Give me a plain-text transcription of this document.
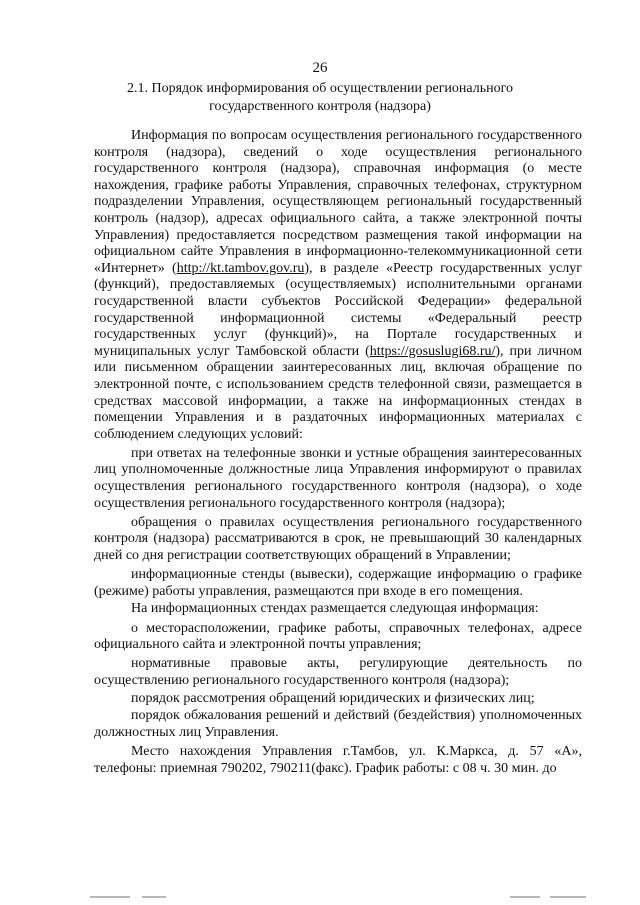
26
2.1. Порядок информирования об осуществлении регионального
государственного контроля (надзора)

Информация по вопросам осуществления регионального государственного контроля (надзора), сведений о ходе осуществления регионального государственного контроля (надзора), справочная информация (о месте нахождения, графике работы Управления, справочных телефонах, структурном подразделении Управления, осуществляющем региональный государственный контроль (надзор), адресах официального сайта, а также электронной почты Управления) предоставляется посредством размещения такой информации на официальном сайте Управления в информационно-телекоммуникационной сети «Интернет» (http://kt.tambov.gov.ru), в разделе «Реестр государственных услуг (функций), предоставляемых (осуществляемых) исполнительными органами государственной власти субъектов Российской Федерации» федеральной государственной информационной системы «Федеральный реестр государственных услуг (функций)», на Портале государственных и муниципальных услуг Тамбовской области (https://gosuslugi68.ru/), при личном или письменном обращении заинтересованных лиц, включая обращение по электронной почте, с использованием средств телефонной связи, размещается в средствах массовой информации, а также на информационных стендах в помещении Управления и в раздаточных информационных материалах с соблюдением следующих условий:

при ответах на телефонные звонки и устные обращения заинтересованных лиц уполномоченные должностные лица Управления информируют о правилах осуществления регионального государственного контроля (надзора), о ходе осуществления регионального государственного контроля (надзора);

обращения о правилах осуществления регионального государственного контроля (надзора) рассматриваются в срок, не превышающий 30 календарных дней со дня регистрации соответствующих обращений в Управлении;

информационные стенды (вывески), содержащие информацию о графике (режиме) работы управления, размещаются при входе в его помещения.

На информационных стендах размещается следующая информация:

о месторасположении, графике работы, справочных телефонах, адресе официального сайта и электронной почты управления;

нормативные правовые акты, регулирующие деятельность по осуществлению регионального государственного контроля (надзора);

порядок рассмотрения обращений юридических и физических лиц;

порядок обжалования решений и действий (бездействия) уполномоченных должностных лиц Управления.

Место нахождения Управления г.Тамбов, ул. К.Маркса, д. 57 «А», телефоны: приемная 790202, 790211(факс). График работы: с 08 ч. 30 мин. до
